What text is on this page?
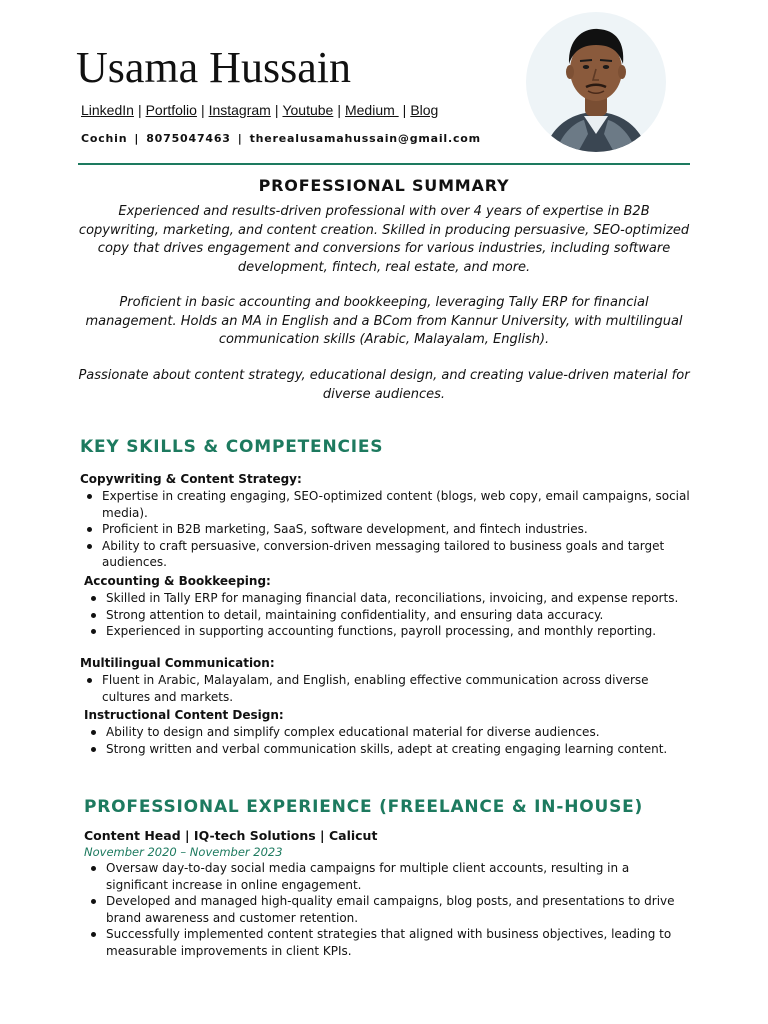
Usama Hussain
LinkedIn | Portfolio | Instagram | Youtube | Medium | Blog
Cochin | 8075047463 | therealusamahussain@gmail.com
PROFESSIONAL SUMMARY

Experienced and results-driven professional with over 4 years of expertise in B2B copywriting, marketing, and content creation. Skilled in producing persuasive, SEO-optimized copy that drives engagement and conversions for various industries, including software development, fintech, real estate, and more.

Proficient in basic accounting and bookkeeping, leveraging Tally ERP for financial management. Holds an MA in English and a BCom from Kannur University, with multilingual communication skills (Arabic, Malayalam, English).

Passionate about content strategy, educational design, and creating value-driven material for diverse audiences.

KEY SKILLS & COMPETENCIES
Copywriting & Content Strategy:
Expertise in creating engaging, SEO-optimized content (blogs, web copy, email campaigns, social media).
Proficient in B2B marketing, SaaS, software development, and fintech industries.
Ability to craft persuasive, conversion-driven messaging tailored to business goals and target audiences.
Accounting & Bookkeeping:
Skilled in Tally ERP for managing financial data, reconciliations, invoicing, and expense reports.
Strong attention to detail, maintaining confidentiality, and ensuring data accuracy.
Experienced in supporting accounting functions, payroll processing, and monthly reporting.
Multilingual Communication:
Fluent in Arabic, Malayalam, and English, enabling effective communication across diverse cultures and markets.
Instructional Content Design:
Ability to design and simplify complex educational material for diverse audiences.
Strong written and verbal communication skills, adept at creating engaging learning content.
PROFESSIONAL EXPERIENCE (FREELANCE & IN-HOUSE)
Content Head | IQ-tech Solutions | Calicut

November 2020 – November 2023

Oversaw day-to-day social media campaigns for multiple client accounts, resulting in a significant increase in online engagement.
Developed and managed high-quality email campaigns, blog posts, and presentations to drive brand awareness and customer retention.
Successfully implemented content strategies that aligned with business objectives, leading to measurable improvements in client KPIs.
